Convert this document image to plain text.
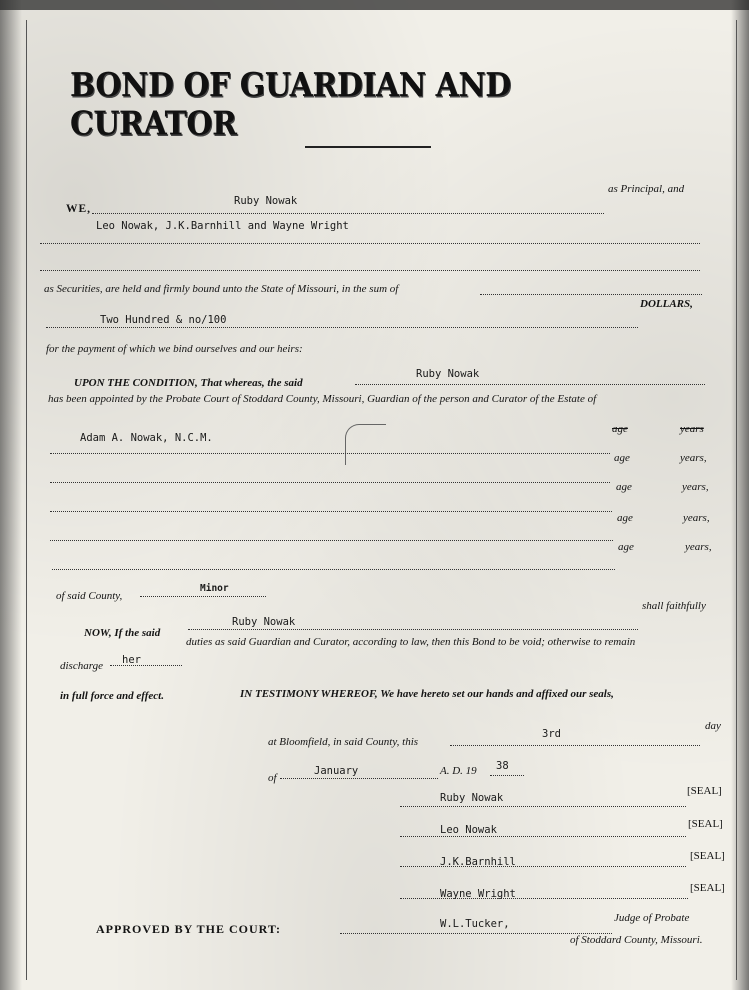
BOND OF GUARDIAN AND CURATOR
WE,
Ruby Nowak
as Principal, and
Leo Nowak, J.K.Barnhill and Wayne Wright
as Securities, are held and firmly bound unto the State of Missouri, in the sum of
Two Hundred & no/100
DOLLARS,
for the payment of which we bind ourselves and our heirs:
UPON THE CONDITION, That whereas, the said
Ruby Nowak
has been appointed by the Probate Court of Stoddard County, Missouri, Guardian of the person and Curator of the Estate of
Adam A. Nowak, N.C.M.
age	years
age	years,
age	years,
age	years,
age	years,
of said County,
Minor
NOW, If the said
Ruby Nowak
shall faithfully
discharge her
duties as said Guardian and Curator, according to law, then this Bond to be void; otherwise to remain
in full force and effect.	IN TESTIMONY WHEREOF, We have hereto set our hands and affixed our seals,
at Bloomfield, in said County, this
3rd
day
of
January	A. D. 19 38
Ruby Nowak
[SEAL]
Leo Nowak	[SEAL]
J.K.Barnhill	[SEAL]
Wayne Wright	[SEAL]
APPROVED BY THE COURT:	W.L.Tucker,	Judge of Probate
of Stoddard County, Missouri.
